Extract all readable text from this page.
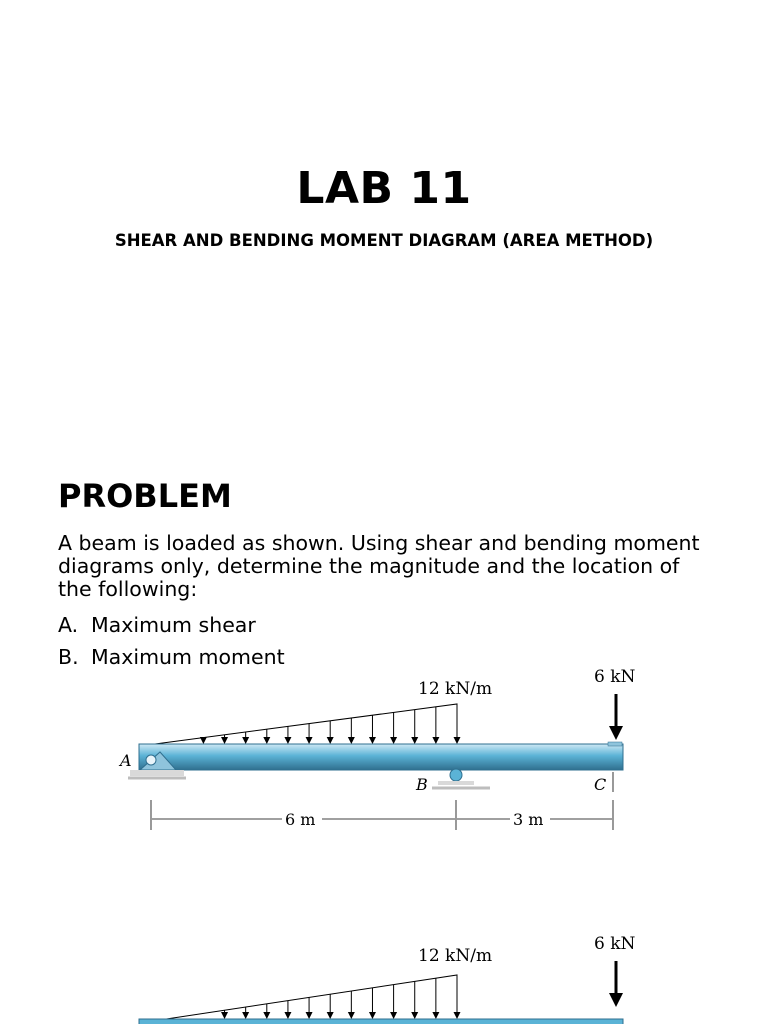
LAB 11
SHEAR AND BENDING MOMENT DIAGRAM (AREA METHOD)
PROBLEM
A beam is loaded as shown. Using shear and bending moment diagrams only, determine the magnitude and the location of the following:
A. Maximum shear
B. Maximum moment
12 kN/m
6 kN
A
B	C
6 m	3 m
12 kN/m
6 kN
